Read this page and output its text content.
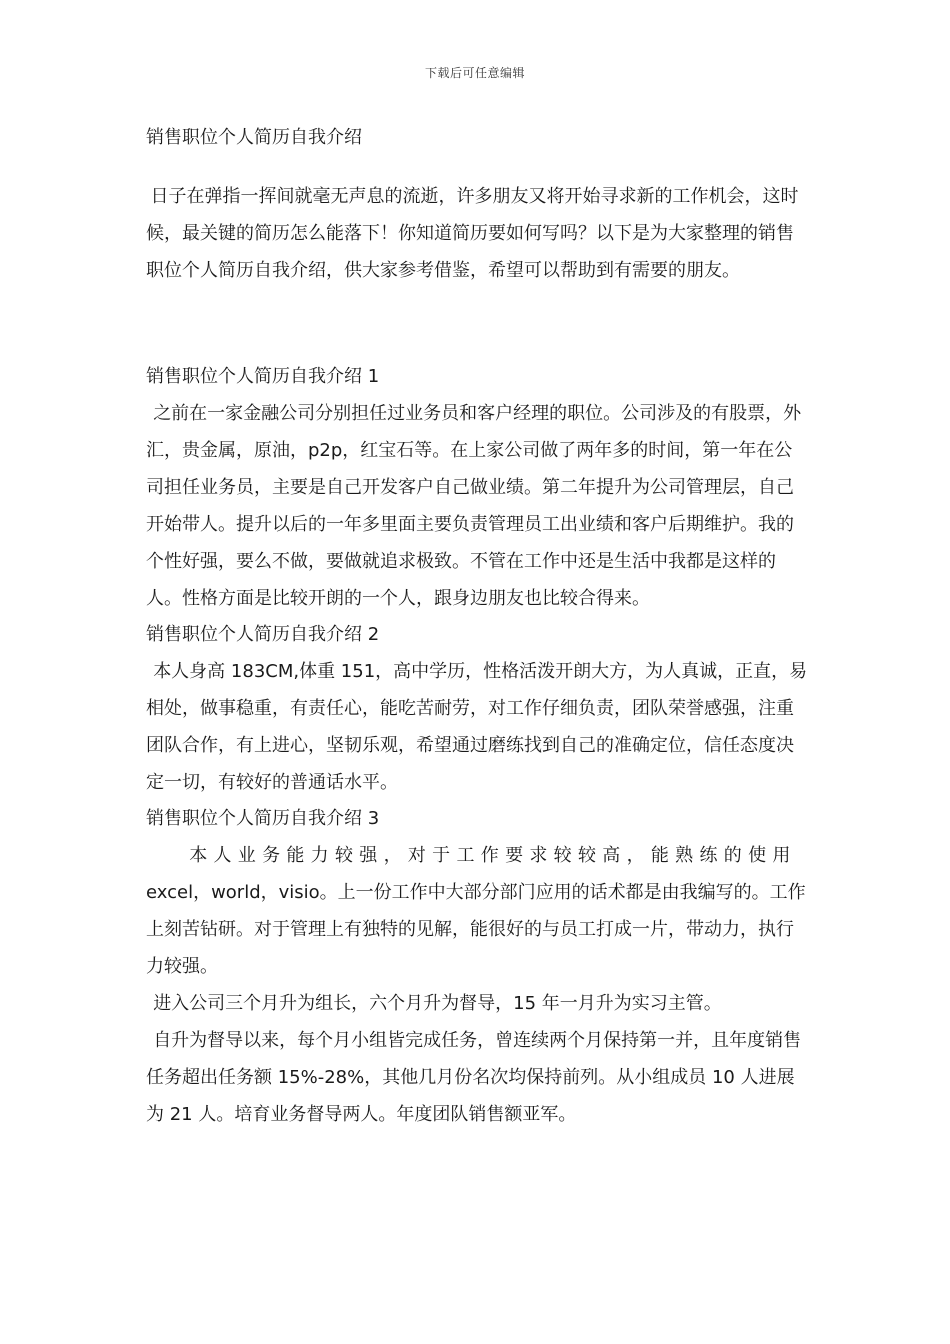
下载后可任意编辑
销售职位个人简历自我介绍

日子在弹指一挥间就毫无声息的流逝，许多朋友又将开始寻求新的工作机会，这时候，最关键的简历怎么能落下！你知道简历要如何写吗？以下是为大家整理的销售职位个人简历自我介绍，供大家参考借鉴，希望可以帮助到有需要的朋友。

销售职位个人简历自我介绍 1

之前在一家金融公司分别担任过业务员和客户经理的职位。公司涉及的有股票，外汇，贵金属，原油，p2p，红宝石等。在上家公司做了两年多的时间，第一年在公司担任业务员，主要是自己开发客户自己做业绩。第二年提升为公司管理层，自己开始带人。提升以后的一年多里面主要负责管理员工出业绩和客户后期维护。我的个性好强，要么不做，要做就追求极致。不管在工作中还是生活中我都是这样的人。性格方面是比较开朗的一个人，跟身边朋友也比较合得来。

销售职位个人简历自我介绍 2

本人身高 183CM,体重 151，高中学历，性格活泼开朗大方，为人真诚，正直，易相处，做事稳重，有责任心，能吃苦耐劳，对工作仔细负责，团队荣誉感强，注重团队合作，有上进心，坚韧乐观，希望通过磨练找到自己的准确定位，信任态度决定一切，有较好的普通话水平。

销售职位个人简历自我介绍 3

本人业务能力较强，对于工作要求较较高，能熟练的使用

excel，world，visio。上一份工作中大部分部门应用的话术都是由我编写的。工作上刻苦钻研。对于管理上有独特的见解，能很好的与员工打成一片，带动力，执行力较强。

进入公司三个月升为组长，六个月升为督导，15 年一月升为实习主管。

自升为督导以来，每个月小组皆完成任务，曾连续两个月保持第一并，且年度销售任务超出任务额 15%-28%，其他几月份名次均保持前列。从小组成员 10 人进展为 21 人。培育业务督导两人。年度团队销售额亚军。
